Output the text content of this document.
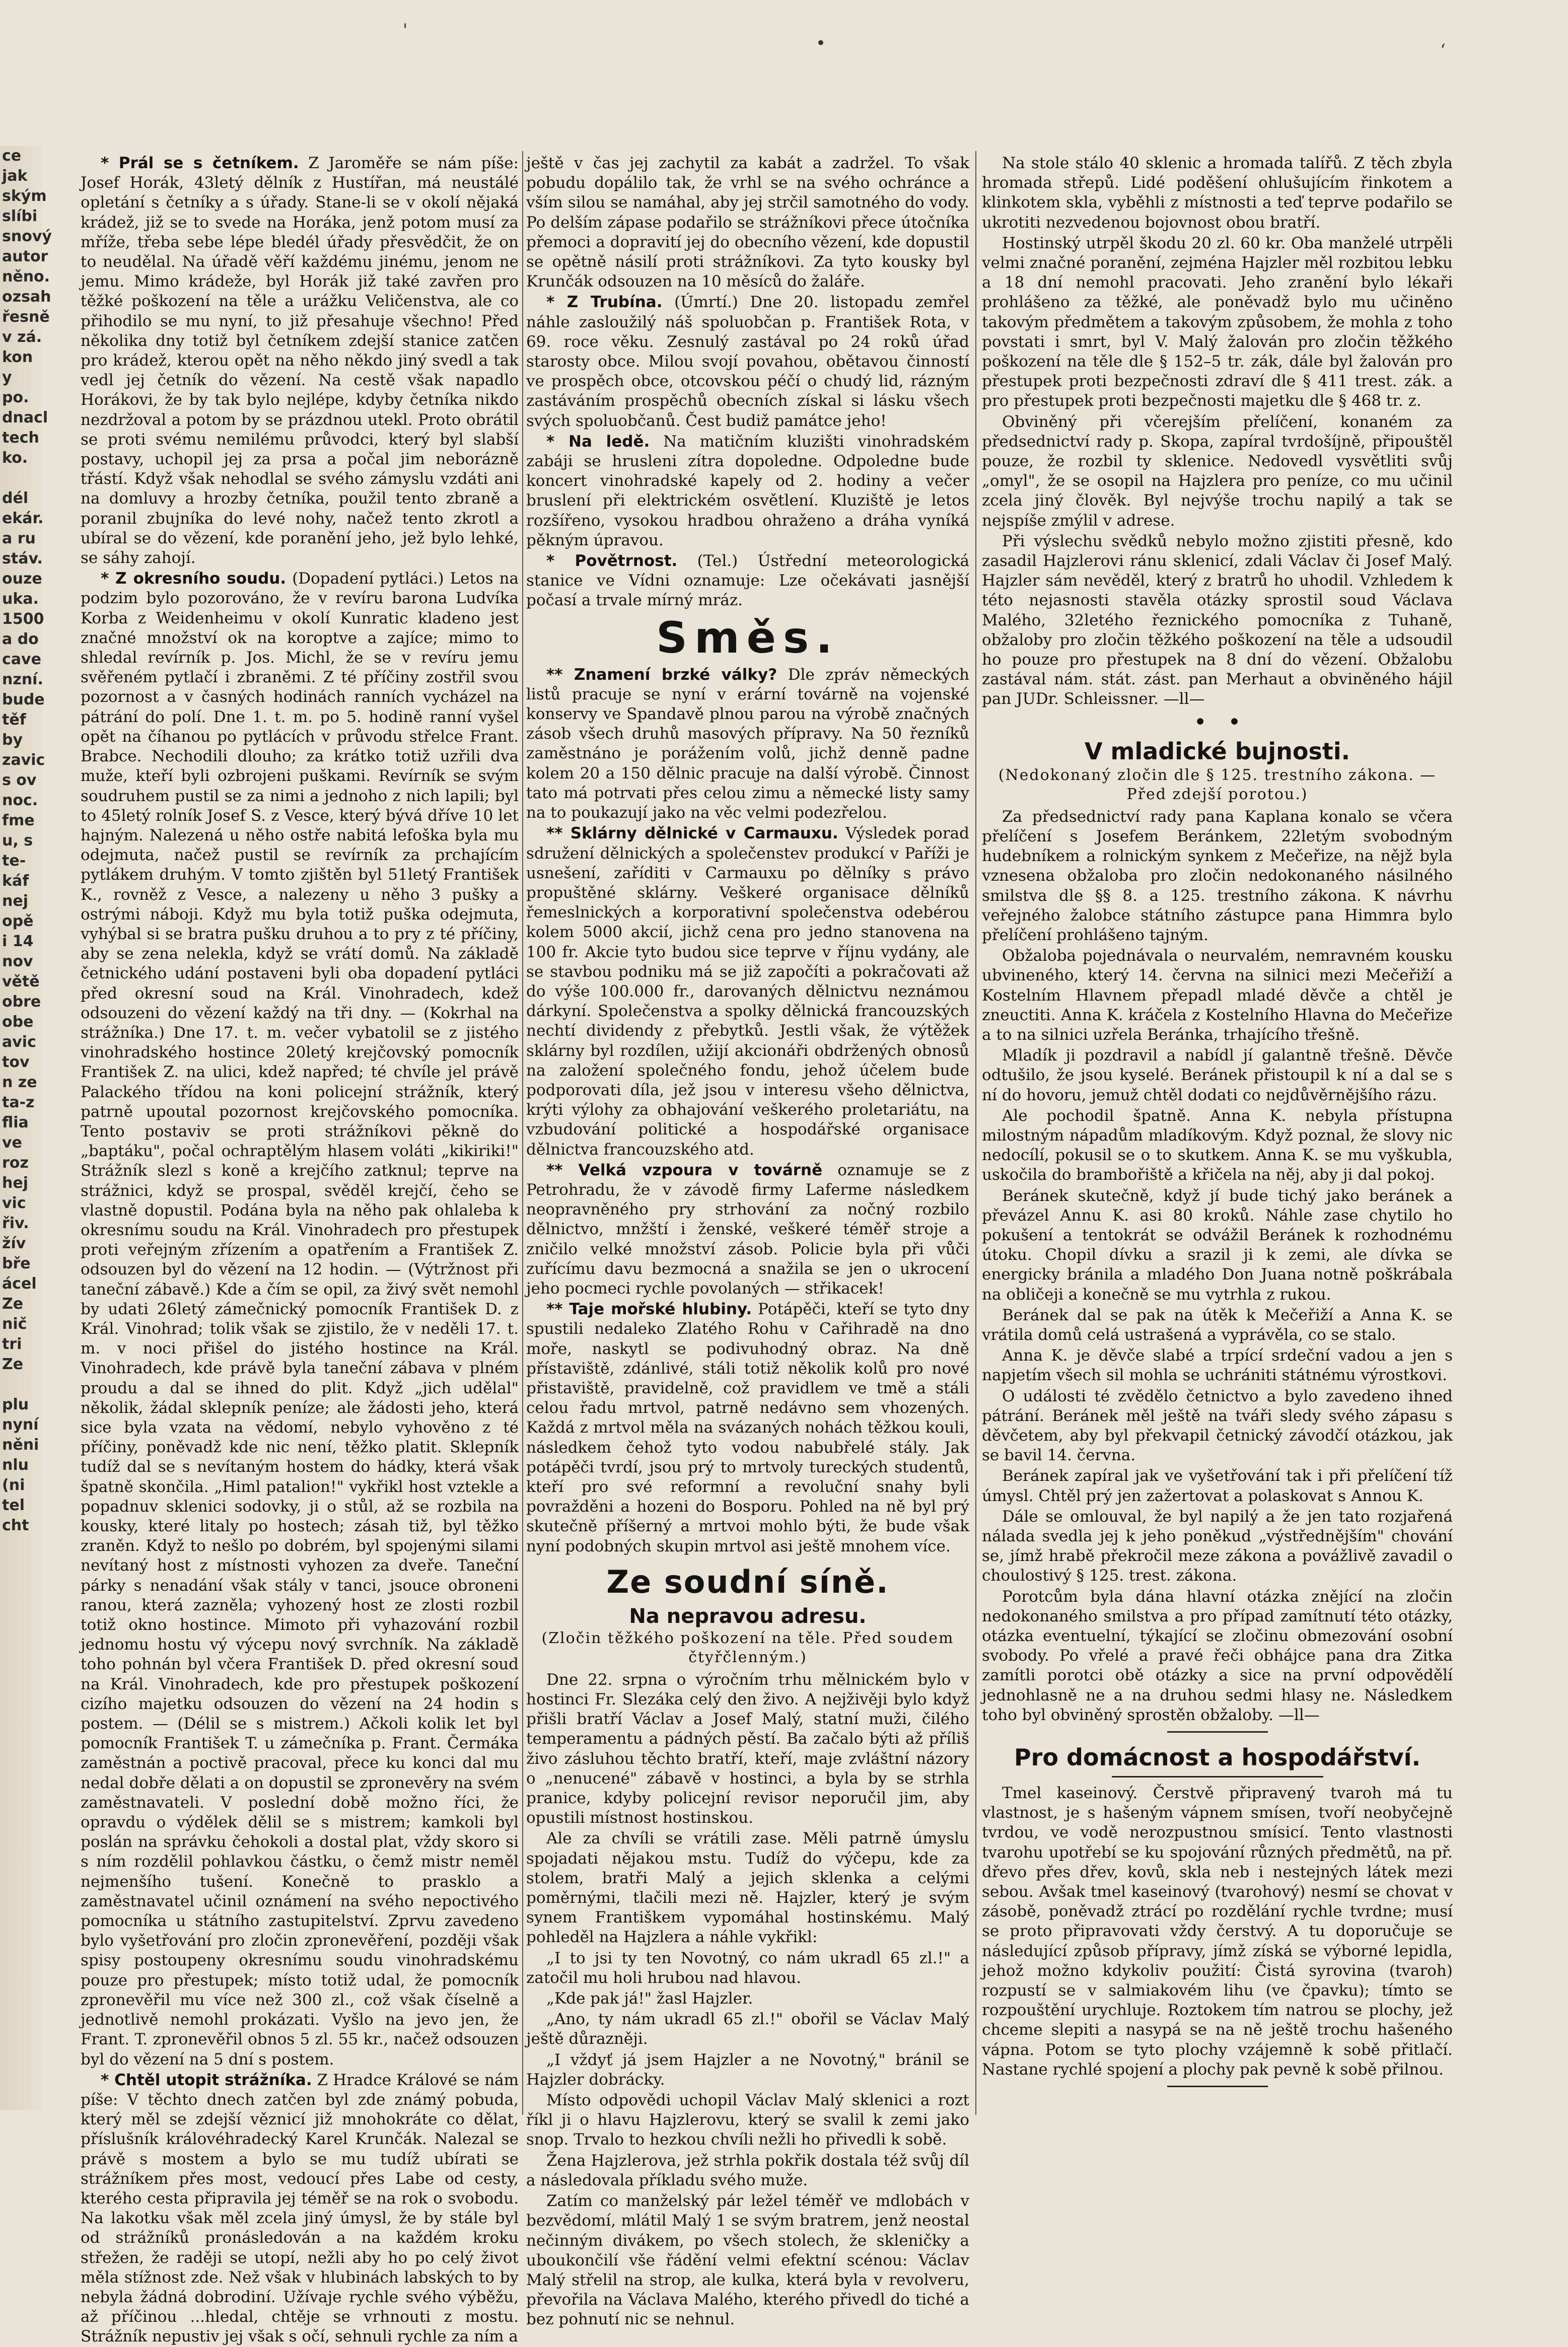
ce jak
ským
slíbi
snový
autor
něno.
ozsah
řesně
v zá.
kon
y po.
dnacl
tech
ko.

dél
ekár.
a ru
stáv.
ouze
uka.
1500
a do
cave
nzní.
bude
těf by
zavic
s ov
noc.
fme
u, s
te-
káf
nej
opě
i 14
nov
větě
obre
obe
avic
tov
n ze
ta-z
flia
ve
roz
hej
vic
řiv.
žív
bře
ácel
Ze
nič
tri
Ze

plu
nyní
něni
nlu
(ni
tel
cht
'
•	ʻ

* Prál se s četníkem. Z Jaroměře se nám píše: Josef Horák, 43letý dělník z Hustířan, má neustálé opletání s četníky a s úřady. Stane-li se v okolí nějaká krádež, již se to svede na Horáka, jenž potom musí za mříže, třeba sebe lépe bledél úřady přesvědčit, že on to neudělal. Na úřadě věří každému jinému, jenom ne jemu. Mimo krádeže, byl Horák již také zavřen pro těžké poškození na těle a urážku Veličenstva, ale co přihodilo se mu nyní, to již přesahuje všechno! Před několika dny totiž byl četníkem zdejší stanice zatčen pro krádež, kterou opět na něho někdo jiný svedl a tak vedl jej četník do vězení. Na cestě však napadlo Horákovi, že by tak bylo nejlépe, kdyby četníka nikdo nezdržoval a potom by se prázdnou utekl. Proto obrátil se proti svému nemilému průvodci, který byl slabší postavy, uchopil jej za prsa a počal jim neborázně třástí. Když však nehodlal se svého zámyslu vzdáti ani na domluvy a hrozby četníka, použil tento zbraně a poranil zbujníka do levé nohy, načež tento zkrotl a ubíral se do vězení, kde poranění jeho, jež bylo lehké, se sáhy zahojí.

* Z okresního soudu. (Dopadení pytláci.) Letos na podzim bylo pozorováno, že v revíru barona Ludvíka Korba z Weidenheimu v okolí Kunratic kladeno jest značné množství ok na koroptve a zajíce; mimo to shledal revírník p. Jos. Michl, že se v revíru jemu svěřeném pytlačí i zbraněmi. Z té příčiny zostřil svou pozornost a v časných hodinách ranních vycházel na pátrání do polí. Dne 1. t. m. po 5. hodině ranní vyšel opět na číhanou po pytlácích v průvodu střelce Frant. Brabce. Nechodili dlouho; za krátko totiž uzřili dva muže, kteří byli ozbrojeni puškami. Revírník se svým soudruhem pustil se za nimi a jednoho z nich lapili; byl to 45letý rolník Josef S. z Vesce, který bývá dříve 10 let hajným. Nalezená u něho ostře nabitá lefoška byla mu odejmuta, načež pustil se revírník za prchajícím pytlákem druhým. V tomto zjištěn byl 51letý František K., rovněž z Vesce, a nalezeny u něho 3 pušky a ostrými náboji. Když mu byla totiž puška odejmuta, vyhýbal si se bratra pušku druhou a to pry z té příčiny, aby se zena nelekla, když se vrátí domů. Na základě četnického udání postaveni byli oba dopadení pytláci před okresní soud na Král. Vinohradech, kdež odsouzeni do vězení každý na tři dny. — (Kokrhal na strážníka.) Dne 17. t. m. večer vybatolil se z jistého vinohradského hostince 20letý krejčovský pomocník František Z. na ulici, kdež napřed; té chvíle jel právě Palackého třídou na koni policejní strážník, který patrně upoutal pozornost krejčovského pomocníka. Tento postaviv se proti strážníkovi pěkně do „baptáku", počal ochraptělým hlasem voláti „kikiriki!" Strážník slezl s koně a krejčího zatknul; teprve na strážnici, když se prospal, svěděl krejčí, čeho se vlastně dopustil. Podána byla na něho pak ohlaleba k okresnímu soudu na Král. Vinohradech pro přestupek proti veřejným zřízením a opatřením a František Z. odsouzen byl do vězení na 12 hodin. — (Výtržnost při taneční zábavě.) Kde a čím se opil, za živý svět nemohl by udati 26letý zámečnický pomocník František D. z Král. Vinohrad; tolik však se zjistilo, že v neděli 17. t. m. v noci přišel do jistého hostince na Král. Vinohradech, kde právě byla taneční zábava v plném proudu a dal se ihned do plit. Když „jich udělal" několik, žádal sklepník peníze; ale žádosti jeho, která sice byla vzata na vědomí, nebylo vyhověno z té příčiny, poněvadž kde nic není, těžko platit. Sklepník tudíž dal se s nevítaným hostem do hádky, která však špatně skončila. „Himl patalion!" vykřikl host vztekle a popadnuv sklenici sodovky, ji o stůl, až se rozbila na kousky, které litaly po hostech; zásah tiž, byl těžko zraněn. Když to nešlo po dobrém, byl spojenými silami nevítaný host z místnosti vyhozen za dveře. Taneční párky s nenadání však stály v tanci, jsouce obroneni ranou, která zazněla; vyhozený host ze zlosti rozbil totiž okno hostince. Mimoto při vyhazování rozbil jednomu hostu vý výcepu nový svrchník. Na základě toho pohnán byl včera František D. před okresní soud na Král. Vinohradech, kde pro přestupek poškození cizího majetku odsouzen do vězení na 24 hodin s postem. — (Délil se s mistrem.) Ačkoli kolik let byl pomocník František T. u zámečníka p. Frant. Čermáka zaměstnán a poctivě pracoval, přece ku konci dal mu nedal dobře dělati a on dopustil se zpronevěry na svém zaměstnavateli. V poslední době možno říci, že opravdu o výdělek dělil se s mistrem; kamkoli byl poslán na správku čehokoli a dostal plat, vždy skoro si s ním rozdělil pohlavkou částku, o čemž mistr neměl nejmenšího tušení. Konečně to prasklo a zaměstnavatel učinil oznámení na svého nepoctivého pomocníka u státního zastupitelství. Zprvu zavedeno bylo vyšetřování pro zločin zpronevěření, později však spisy postoupeny okresnímu soudu vinohradskému pouze pro přestupek; místo totiž udal, že pomocník zpronevěřil mu více než 300 zl., což však číselně a jednotlivě nemohl prokázati. Vyšlo na jevo jen, že Frant. T. zpronevěřil obnos 5 zl. 55 kr., načež odsouzen byl do vězení na 5 dní s postem.

* Chtěl utopit strážníka. Z Hradce Králové se nám píše: V těchto dnech zatčen byl zde známý pobuda, který měl se zdejší věznicí již mnohokráte co dělat, příslušník královéhradecký Karel Krunčák. Nalezal se právě s mostem a bylo se mu tudíž ubírati se strážníkem přes most, vedoucí přes Labe od cesty, kterého cesta připravila jej téměř se na rok o svobodu. Na lakotku však měl zcela jiný úmysl, že by stále byl od strážníků pronásledován a na každém kroku střežen, že raději se utopí, nežli aby ho po celý život měla stížnost zde. Než však v hlubinách labských to by nebyla žádná dobrodiní. Užívaje rychle svého výběžu, až příčinou ...hledal, chtěje se vrhnouti z mostu. Strážník nepustiv jej však s očí, sehnuli rychle za ním a

ještě v čas jej zachytil za kabát a zadržel. To však pobudu dopálilo tak, že vrhl se na svého ochránce a vším silou se namáhal, aby jej strčil samotného do vody. Po delším zápase podařilo se strážníkovi přece útočníka přemoci a dopravití jej do obecního vězení, kde dopustil se opětně násilí proti strážníkovi. Za tyto kousky byl Krunčák odsouzen na 10 měsíců do žaláře.

* Z Trubína. (Úmrtí.) Dne 20. listopadu zemřel náhle zasloužilý náš spoluobčan p. František Rota, v 69. roce věku. Zesnulý zastával po 24 roků úřad starosty obce. Milou svojí povahou, obětavou činností ve prospěch obce, otcovskou péčí o chudý lid, rázným zastáváním prospěchů obecních získal si lásku všech svých spoluobčanů. Čest budiž památce jeho!

* Na ledě. Na matičním kluzišti vinohradském zabáji se hrusleni zítra dopoledne. Odpoledne bude koncert vinohradské kapely od 2. hodiny a večer bruslení při elektrickém osvětlení. Kluziště je letos rozšířeno, vysokou hradbou ohraženo a dráha vyníká pěkným úpravou.

* Povětrnost. (Tel.) Ústřední meteorologická stanice ve Vídni oznamuje: Lze očekávati jasnější počasí a trvale mírný mráz.

Směs.

** Znamení brzké války? Dle zpráv německých listů pracuje se nyní v erární továrně na vojenské konservy ve Spandavě plnou parou na výrobě značných zásob všech druhů masových přípravy. Na 50 řezníků zaměstnáno je porážením volů, jichž denně padne kolem 20 a 150 dělnic pracuje na další výrobě. Činnost tato má potrvati přes celou zimu a německé listy samy na to poukazují jako na věc velmi podezřelou.

** Sklárny dělnické v Carmauxu. Výsledek porad sdružení dělnických a společenstev produkcí v Paříži je usnešení, zaříditi v Carmauxu po dělníky s právo propuštěné sklárny. Veškeré organisace dělníků řemeslnických a korporativní společenstva odebérou kolem 5000 akcií, jichž cena pro jedno stanovena na 100 fr. Akcie tyto budou sice teprve v říjnu vydány, ale se stavbou podniku má se již započíti a pokračovati až do výše 100.000 fr., darovaných dělnictvu neznámou dárkyní. Společenstva a spolky dělnická francouzských nechtí dividendy z přebytků. Jestli však, že výtěžek sklárny byl rozdílen, užijí akcionáři obdržených obnosů na založení společného fondu, jehož účelem bude podporovati díla, jež jsou v interesu všeho dělnictva, krýti výlohy za obhajování veškerého proletariátu, na vzbudování politické a hospodářské organisace dělnictva francouzského atd.

** Velká vzpoura v továrně oznamuje se z Petrohradu, že v závodě firmy Laferme následkem neopravněného pry strhování za nočný rozbilo dělnictvo, mnžští i ženské, veškeré téměř stroje a zničilo velké množství zásob. Policie byla při vůči zuřícímu davu bezmocná a snažila se jen o ukrocení jeho pocmeci rychle povolaných — střikacek!

** Taje mořské hlubiny. Potápěči, kteří se tyto dny spustili nedaleko Zlatého Rohu v Cařihradě na dno moře, naskytl se podivuhodný obraz. Na dně přístaviště, zdánlivé, stáli totiž několik kolů pro nové přistaviště, pravidelně, což pravidlem ve tmě a stáli celou řadu mrtvol, patrně nedávno sem vhozených. Každá z mrtvol měla na svázaných nohách těžkou kouli, následkem čehož tyto vodou nabubřelé stály. Jak potápěči tvrdí, jsou prý to mrtvoly tureckých studentů, kteří pro své reformní a revoluční snahy byli povražděni a hozeni do Bosporu. Pohled na ně byl prý skutečně příšerný a mrtvoi mohlo býti, že bude však nyní podobných skupin mrtvol asi ještě mnohem více.

Ze soudní síně.
Na nepravou adresu.
(Zločin těžkého poškození na těle. Před soudem čtyřčlenným.)

Dne 22. srpna o výročním trhu mělnickém bylo v hostinci Fr. Slezáka celý den živo. A nejživěji bylo když přišli bratří Václav a Josef Malý, statní muži, čilého temperamentu a pádných pěstí. Ba začalo býti až příliš živo zásluhou těchto bratří, kteří, maje zvláštní názory o „nenucené" zábavě v hostinci, a byla by se strhla pranice, kdyby policejní revisor neporučil jim, aby opustili místnost hostinskou.

Ale za chvíli se vrátili zase. Měli patrně úmyslu spojadati nějakou mstu. Tudíž do výčepu, kde za stolem, bratři Malý a jejich sklenka a celými poměrnými, tlačili mezi ně. Hajzler, který je svým synem Františkem vypomáhal hostinskému. Malý pohleděl na Hajzlera a náhle vykřikl:

„I to jsi ty ten Novotný, co nám ukradl 65 zl.!" a zatočil mu holi hrubou nad hlavou.

„Kde pak já!" žasl Hajzler.

„Ano, ty nám ukradl 65 zl.!" obořil se Václav Malý ještě důrazněji.

„I vždyť já jsem Hajzler a ne Novotný," bránil se Hajzler dobrácky.

Místo odpovědi uchopil Václav Malý sklenici a rozt říkl ji o hlavu Hajzlerovu, který se svalil k zemi jako snop. Trvalo to hezkou chvíli nežli ho přivedli k sobě.

Žena Hajzlerova, jež strhla pokřik dostala též svůj díl a následovala příkladu svého muže.

Zatím co manželský pár ležel téměř ve mdlobách v bezvědomí, mlátil Malý 1 se svým bratrem, jenž neostal nečinným divákem, po všech stolech, že skleničky a uboukončilí vše řádění velmi efektní scénou: Václav Malý střelil na strop, ale kulka, která byla v revolveru, převořila na Václava Malého, kterého přivedl do tiché a bez pohnutí nic se nehnul.

Na stole stálo 40 sklenic a hromada talířů. Z těch zbyla hromada střepů. Lidé poděšení ohlušujícím řinkotem a klinkotem skla, vyběhli z místnosti a teď teprve podařilo se ukrotiti nezvedenou bojovnost obou bratří.

Hostinský utrpěl škodu 20 zl. 60 kr. Oba manželé utrpěli velmi značné poranění, zejména Hajzler měl rozbitou lebku a 18 dní nemohl pracovati. Jeho zranění bylo lékaři prohlášeno za těžké, ale poněvadž bylo mu učiněno takovým předmětem a takovým způsobem, že mohla z toho povstati i smrt, byl V. Malý žalován pro zločin těžkého poškození na těle dle § 152–5 tr. zák, dále byl žalován pro přestupek proti bezpečnosti zdraví dle § 411 trest. zák. a pro přestupek proti bezpečnosti majetku dle § 468 tr. z.

Obviněný při včerejším přelíčení, konaném za předsednictví rady p. Skopa, zapíral tvrdošíjně, připouštěl pouze, že rozbil ty sklenice. Nedovedl vysvětliti svůj „omyl", že se osopil na Hajzlera pro peníze, co mu učinil zcela jiný člověk. Byl nejvýše trochu napilý a tak se nejspíše zmýlil v adrese.

Při výslechu svědků nebylo možno zjistiti přesně, kdo zasadil Hajzlerovi ránu sklenicí, zdali Václav či Josef Malý. Hajzler sám nevěděl, který z bratrů ho uhodil. Vzhledem k této nejasnosti stavěla otázky sprostil soud Václava Malého, 32letého řeznického pomocníka z Tuhaně, obžaloby pro zločin těžkého poškození na těle a udsoudil ho pouze pro přestupek na 8 dní do vězení. Obžalobu zastával nám. stát. zást. pan Merhaut a obviněného hájil pan JUDr. Schleissner. —ll—

•   •
V mladické bujnosti.
(Nedokonaný zločin dle § 125. trestního zákona. — Před zdejší porotou.)

Za předsednictví rady pana Kaplana konalo se včera přelíčení s Josefem Beránkem, 22letým svobodným hudebníkem a rolnickým synkem z Mečeřize, na nějž byla vznesena obžaloba pro zločin nedokonaného násilného smilstva dle §§ 8. a 125. trestního zákona. K návrhu veřejného žalobce státního zástupce pana Himmra bylo přelíčení prohlášeno tajným.

Obžaloba pojednávala o neurvalém, nemravném kousku ubvineného, který 14. června na silnici mezi Mečeřiží a Kostelním Hlavnem přepadl mladé děvče a chtěl je zneuctiti. Anna K. kráčela z Kostelního Hlavna do Mečeřize a to na silnici uzřela Beránka, trhajícího třešně.

Mladík ji pozdravil a nabídl jí galantně třešně. Děvče odtušilo, že jsou kyselé. Beránek přistoupil k ní a dal se s ní do hovoru, jemuž chtěl dodati co nejdůvěrnějšího rázu.

Ale pochodil špatně. Anna K. nebyla přístupna milostným nápadům mladíkovým. Když poznal, že slovy nic nedocílí, pokusil se o to skutkem. Anna K. se mu vyškubla, uskočila do brambořiště a křičela na něj, aby ji dal pokoj.

Beránek skutečně, když jí bude tichý jako beránek a převázel Annu K. asi 80 kroků. Náhle zase chytilo ho pokušení a tentokrát se odvážil Beránek k rozhodnému útoku. Chopil dívku a srazil ji k zemi, ale dívka se energicky bránila a mladého Don Juana notně poškrábala na obličeji a konečně se mu vytrhla z rukou.

Beránek dal se pak na útěk k Mečeřiží a Anna K. se vrátila domů celá ustrašená a vyprávěla, co se stalo.

Anna K. je děvče slabé a trpící srdeční vadou a jen s napjetím všech sil mohla se uchrániti státnému výrostkovi.

O události té zvědělo četnictvo a bylo zavedeno ihned pátrání. Beránek měl ještě na tváři sledy svého zápasu s děvčetem, aby byl překvapil četnický závodčí otázkou, jak se bavil 14. června.

Beránek zapíral jak ve vyšetřování tak i při přelíčení tíž úmysl. Chtěl prý jen zažertovat a polaskovat s Annou K.

Dále se omlouval, že byl napilý a že jen tato rozjařená nálada svedla jej k jeho poněkud „výstřednějším" chování se, jímž hrabě překročil meze zákona a povážlivě zavadil o choulostivý § 125. trest. zákona.

Porotcům byla dána hlavní otázka znějící na zločin nedokonaného smilstva a pro případ zamítnutí této otázky, otázka eventuelní, týkající se zločinu obmezování osobní svobody. Po vřelé a pravé řeči obhájce pana dra Zitka zamítli porotci obě otázky a sice na první odpovědělí jednohlasně ne a na druhou sedmi hlasy ne. Následkem toho byl obviněný sprostěn obžaloby. —ll—

Pro domácnost a hospodářství.

Tmel kaseinový. Čerstvě připravený tvaroh má tu vlastnost, je s hašeným vápnem smísen, tvoří neobyčejně tvrdou, ve vodě nerozpustnou smísicí. Tento vlastnosti tvarohu upotřebí se ku spojování různých předmětů, na př. dřevo přes dřev, kovů, skla neb i nestejných látek mezi sebou. Avšak tmel kaseinový (tvarohový) nesmí se chovat v zásobě, poněvadž ztrácí po rozdělání rychle tvrdne; musí se proto připravovati vždy čerstvý. A tu doporučuje se následující způsob přípravy, jímž získá se výborné lepidla, jehož možno kdykoliv použití: Čistá syrovina (tvaroh) rozpustí se v salmiakovém lihu (ve čpavku); tímto se rozpouštění urychluje. Roztokem tím natrou se plochy, jež chceme slepiti a nasypá se na ně ještě trochu hašeného vápna. Potom se tyto plochy vzájemně k sobě přitlačí. Nastane rychlé spojení a plochy pak pevně k sobě přilnou.
